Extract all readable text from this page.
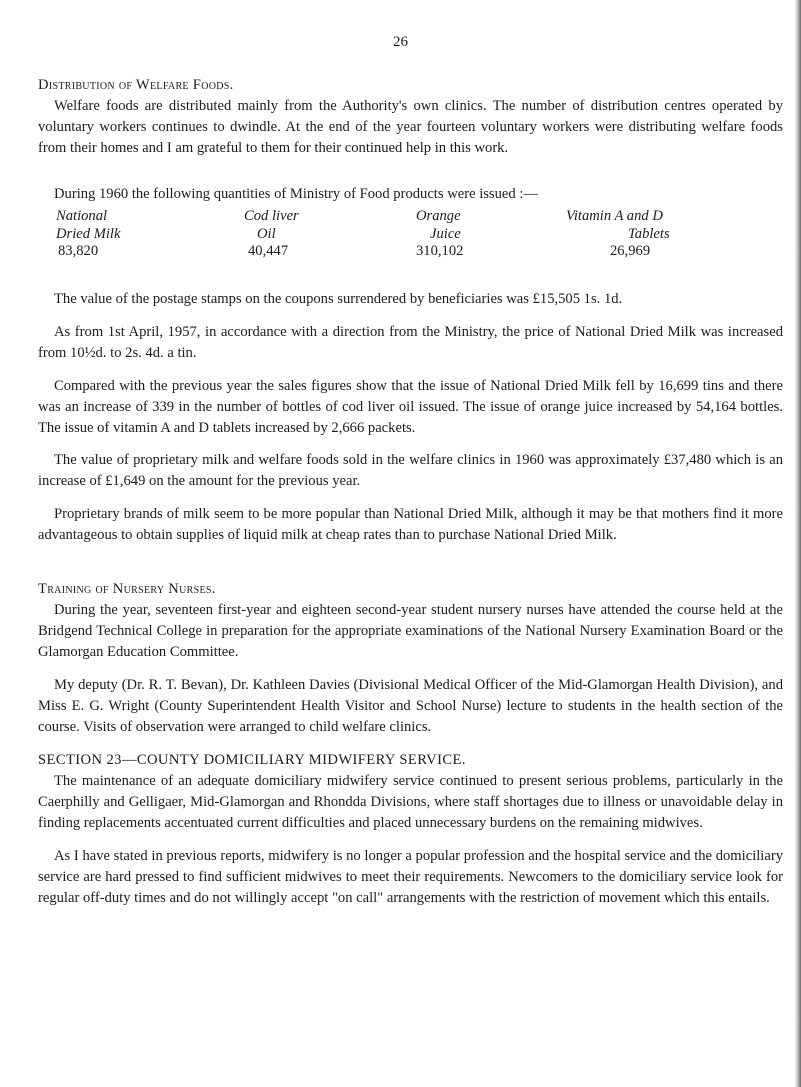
26
Distribution of Welfare Foods.
Welfare foods are distributed mainly from the Authority's own clinics. The number of distribution centres operated by voluntary workers continues to dwindle. At the end of the year fourteen voluntary workers were distributing welfare foods from their homes and I am grateful to them for their continued help in this work.
During 1960 the following quantities of Ministry of Food products were issued :—
National
Dried Milk
83,820
Cod liver
Oil
40,447
Orange
Juice
310,102
Vitamin A and D
Tablets
26,969
The value of the postage stamps on the coupons surrendered by beneficiaries was £15,505 1s. 1d.
As from 1st April, 1957, in accordance with a direction from the Ministry, the price of National Dried Milk was increased from 10½d. to 2s. 4d. a tin.
Compared with the previous year the sales figures show that the issue of National Dried Milk fell by 16,699 tins and there was an increase of 339 in the number of bottles of cod liver oil issued. The issue of orange juice increased by 54,164 bottles. The issue of vitamin A and D tablets increased by 2,666 packets.
The value of proprietary milk and welfare foods sold in the welfare clinics in 1960 was approximately £37,480 which is an increase of £1,649 on the amount for the previous year.
Proprietary brands of milk seem to be more popular than National Dried Milk, although it may be that mothers find it more advantageous to obtain supplies of liquid milk at cheap rates than to purchase National Dried Milk.
Training of Nursery Nurses.
During the year, seventeen first-year and eighteen second-year student nursery nurses have attended the course held at the Bridgend Technical College in preparation for the appropriate examinations of the National Nursery Examination Board or the Glamorgan Education Committee.
My deputy (Dr. R. T. Bevan), Dr. Kathleen Davies (Divisional Medical Officer of the Mid-Glamorgan Health Division), and Miss E. G. Wright (County Superintendent Health Visitor and School Nurse) lecture to students in the health section of the course. Visits of observation were arranged to child welfare clinics.
SECTION 23—COUNTY DOMICILIARY MIDWIFERY SERVICE.
The maintenance of an adequate domiciliary midwifery service continued to present serious problems, particularly in the Caerphilly and Gelligaer, Mid-Glamorgan and Rhondda Divisions, where staff shortages due to illness or unavoidable delay in finding replacements accentuated current difficulties and placed unnecessary burdens on the remaining midwives.
As I have stated in previous reports, midwifery is no longer a popular profession and the hospital service and the domiciliary service are hard pressed to find sufficient midwives to meet their requirements. Newcomers to the domiciliary service look for regular off-duty times and do not willingly accept "on call" arrangements with the restriction of movement which this entails.
